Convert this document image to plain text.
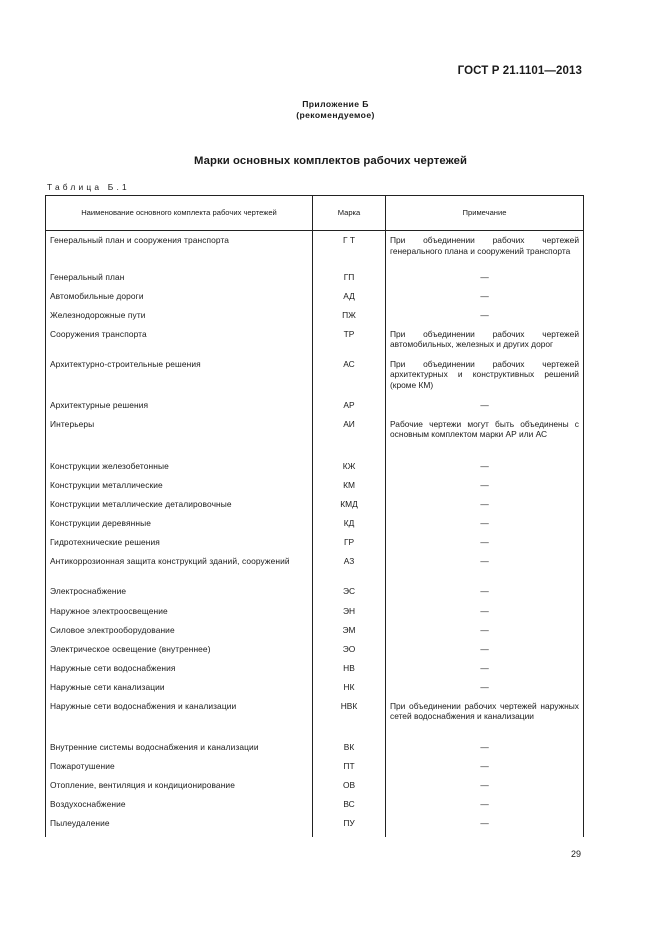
ГОСТ Р 21.1101—2013
Приложение Б
(рекомендуемое)
Марки основных комплектов рабочих чертежей
Таблица Б.1
Наименование основного комплекта рабочих чертежей	Марка	Примечание
Генеральный план и сооружения транспорта	Г Т	При объединении рабочих чертежей генерального плана и сооружений транспорта
Генеральный план	ГП	—
Автомобильные дороги	АД	—
Железнодорожные пути	ПЖ	—
Сооружения транспорта	ТР	При объединении рабочих чертежей автомобильных, железных и других дорог
Архитектурно-строительные решения	АС	При объединении рабочих чертежей архитектурных и конструктивных решений (кроме КМ)
Архитектурные решения	АР	—
Интерьеры	АИ	Рабочие чертежи могут быть объединены с основным комплектом марки АР или АС
Конструкции железобетонные	КЖ	—
Конструкции металлические	КМ	—
Конструкции металлические деталировочные	КМД	—
Конструкции деревянные	КД	—
Гидротехнические решения	ГР	—
Антикоррозионная защита конструкций зданий, сооружений	АЗ	—
Электроснабжение	ЭС	—
Наружное электроосвещение	ЭН	—
Силовое электрооборудование	ЭМ	—
Электрическое освещение (внутреннее)	ЭО	—
Наружные сети водоснабжения	НВ	—
Наружные сети канализации	НК	—
Наружные сети водоснабжения и канализации	НВК	При объединении рабочих чертежей наружных сетей водоснабжения и канализации
Внутренние системы водоснабжения и канализации	ВК	—
Пожаротушение	ПТ	—
Отопление, вентиляция и кондиционирование	ОВ	—
Воздухоснабжение	ВС	—
Пылеудаление	ПУ	—
29
